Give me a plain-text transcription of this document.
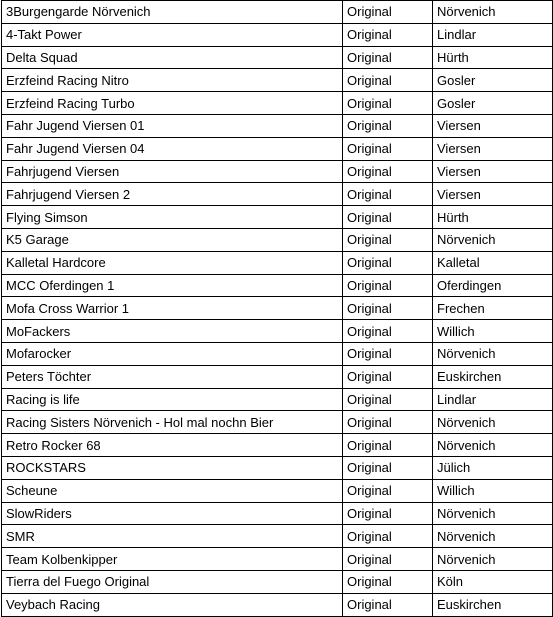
3Burgengarde Nörvenich	Original	Nörvenich
4-Takt Power	Original	Lindlar
Delta Squad	Original	Hürth
Erzfeind Racing Nitro	Original	Gosler
Erzfeind Racing Turbo	Original	Gosler
Fahr Jugend Viersen 01	Original	Viersen
Fahr Jugend Viersen 04	Original	Viersen
Fahrjugend Viersen	Original	Viersen
Fahrjugend Viersen 2	Original	Viersen
Flying Simson	Original	Hürth
K5 Garage	Original	Nörvenich
Kalletal Hardcore	Original	Kalletal
MCC Oferdingen 1	Original	Oferdingen
Mofa Cross Warrior 1	Original	Frechen
MoFackers	Original	Willich
Mofarocker	Original	Nörvenich
Peters Töchter	Original	Euskirchen
Racing is life	Original	Lindlar
Racing Sisters Nörvenich - Hol mal nochn Bier	Original	Nörvenich
Retro Rocker 68	Original	Nörvenich
ROCKSTARS	Original	Jülich
Scheune	Original	Willich
SlowRiders	Original	Nörvenich
SMR	Original	Nörvenich
Team Kolbenkipper	Original	Nörvenich
Tierra del Fuego Original	Original	Köln
Veybach Racing	Original	Euskirchen
